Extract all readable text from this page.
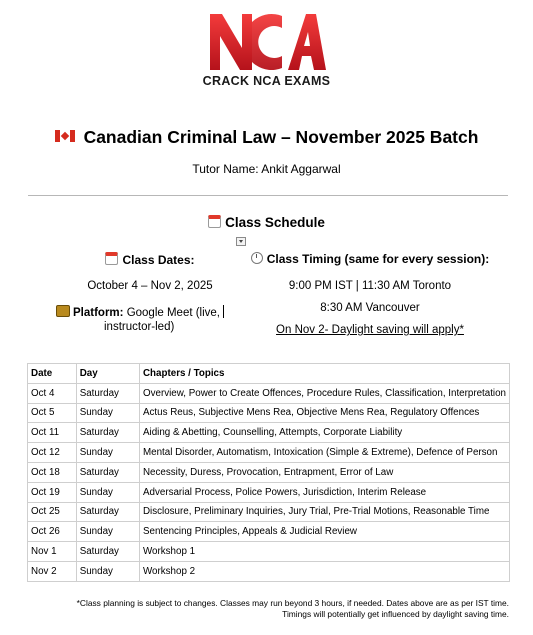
CRACK NCA EXAMS
Canadian Criminal Law – November 2025 Batch
Tutor Name: Ankit Aggarwal
Class Schedule
Class Dates:
October 4 – Nov 2, 2025
Platform: Google Meet (live,
instructor-led)
Class Timing (same for every session):
9:00 PM IST | 11:30 AM Toronto
8:30 AM Vancouver
On Nov 2- Daylight saving will apply*
Date	Day	Chapters / Topics
Oct 4	Saturday	Overview, Power to Create Offences, Procedure Rules, Classification, Interpretation
Oct 5	Sunday	Actus Reus, Subjective Mens Rea, Objective Mens Rea, Regulatory Offences
Oct 11	Saturday	Aiding & Abetting, Counselling, Attempts, Corporate Liability
Oct 12	Sunday	Mental Disorder, Automatism, Intoxication (Simple & Extreme), Defence of Person
Oct 18	Saturday	Necessity, Duress, Provocation, Entrapment, Error of Law
Oct 19	Sunday	Adversarial Process, Police Powers, Jurisdiction, Interim Release
Oct 25	Saturday	Disclosure, Preliminary Inquiries, Jury Trial, Pre-Trial Motions, Reasonable Time
Oct 26	Sunday	Sentencing Principles, Appeals & Judicial Review
Nov 1	Saturday	Workshop 1
Nov 2	Sunday	Workshop 2
*Class planning is subject to changes. Classes may run beyond 3 hours, if needed. Dates above are as per IST time.
Timings will potentially get influenced by daylight saving time.
